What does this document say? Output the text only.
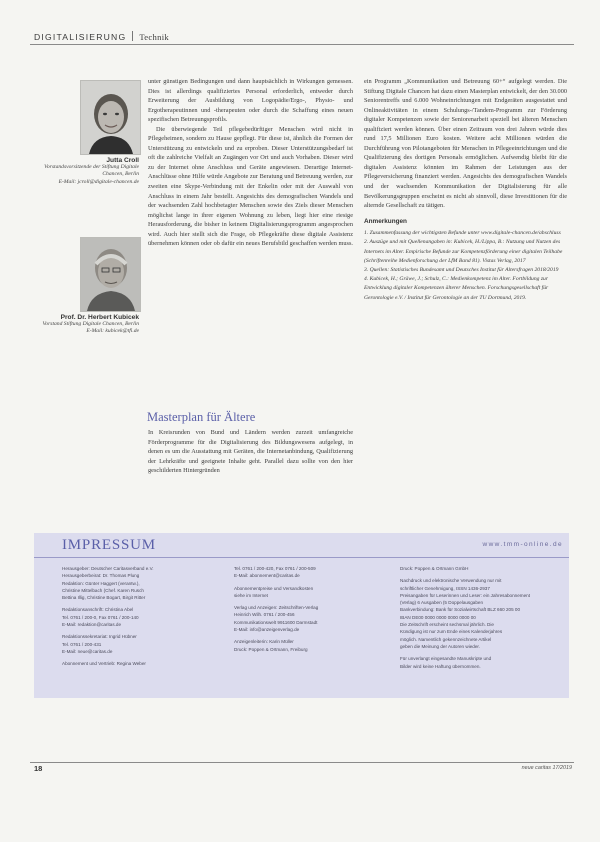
DIGITALISIERUNG Technik
Jutta Croll
Vorstandsvorsitzende der Stiftung Digitale Chancen, Berlin
E-Mail: jcroll@digitale-chancen.de
Prof. Dr. Herbert Kubicek
Vorstand Stiftung Digitale Chancen, Berlin
E-Mail: kubicek@tfi.de

unter günstigen Bedingungen und dann hauptsächlich in Wirkungen gemessen. Dies ist allerdings qualifiziertes Personal erforderlich, entweder durch Erweiterung der Ausbildung von Logopädie/Ergo-, Physio- und Ergotherapeutinnen und -therapeuten oder durch die Schaffung eines neuen spezifischen Betreuungsprofils.

Die überwiegende Teil pflegebedürftiger Menschen wird nicht in Pflegeheimen, sondern zu Hause gepflegt. Für diese ist, ähnlich die Formen der Unterstützung zu entwickeln und zu erproben. Dieser Unterstützungsbedarf ist oft die zahlreiche Vielfalt an Zugängen vor Ort und auch Vorhaben. Dieser wird zu der Internet ohne Anschluss und Geräte angewiesen. Derartige Internet-Anschlüsse ohne Hilfe würde Angebote zur Beratung und Betreuung werden, zur zweiten eine Skype-Verbindung mit der Enkelin oder mit der Auswahl von Anschluss in einem Jahr bestellt. Angesichts des demografischen Wandels und der wachsenden Zahl hochbetagter Menschen sowie des Ziels dieser Menschen möglichst lange in ihrer eigenen Wohnung zu leben, liegt hier eine riesige Herausforderung, die bisher in keinem Digitalisierungsprogramm angesprochen wird. Auch hier stellt sich die Frage, ob Pflegekräfte diese digitale Assistenz übernehmen können oder ob dafür ein neues Berufsbild geschaffen werden muss.

Masterplan für Ältere

In Kreisrunden von Bund und Ländern werden zurzeit umfangreiche Förderprogramme für die Digitalisierung des Bildungswesens aufgelegt, in denen es um die Ausstattung mit Geräten, die Internetanbindung, Qualifizierung der Lehrkräfte und geeignete Inhalte geht. Parallel dazu sollte von den hier geschilderten Hintergründen

ein Programm „Kommunikation und Betreuung 60+“ aufgelegt werden. Die Stiftung Digitale Chancen hat dazu einen Masterplan entwickelt, der den 30.000 Seniorentreffs und 6.000 Wohneinrichtungen mit Endgeräten ausgestattet und Onlineaktivitäten in einem Schulungs-/Tandem-Programm zur Förderung digitaler Kompetenzen sowie der Seniorenarbeit speziell bei älteren Menschen qualifiziert werden können. Über einen Zeitraum von drei Jahren würde dies rund 17,5 Millionen Euro kosten. Weitere acht Millionen würden die Durchführung von Pilotangeboten für Menschen in Pflegeeinrichtungen und die Qualifizierung des dortigen Personals ermöglichen. Aufwendig bleibt für die digitalen Assistenz könnten im Rahmen der Leistungen aus der Pflegeversicherung finanziert werden. Angesichts des demografischen Wandels und der wachsenden Kommunikation der Digitalisierung für alle Bevölkerungsgruppen erscheint es nicht ab sinnvoll, diese Investitionen für die alternde Gesellschaft zu tätigen.

Anmerkungen
1. Zusammenfassung der wichtigsten Befunde unter www.digitale-chancen.de/abschluss
2. Auszüge und mit Quellenangaben in: Kubicek, H./Lippa, B.: Nutzung und Nutzen des Internets im Alter. Empirische Befunde zur Kompetenzförderung einer digitalen Teilhabe (Schriftenreihe Medienforschung der LfM Band 81). Vistas Verlag, 2017
3. Quellen: Statistisches Bundesamt und Deutsches Institut für Altersfragen 2018/2019
4. Kubicek, H.; Gräwe, J.; Schulz, C.: Medienkompetenz im Alter. Fortbildung zur Entwicklung digitaler Kompetenzen älterer Menschen. Forschungsgesellschaft für Gerontologie e.V. / Institut für Gerontologie an der TU Dortmund, 2019.
IMPRESSUM	www.tmm-online.de
Herausgeber: Deutscher Caritasverband e.V.
Herausgeberbeirat: Dr. Thomas Plung
Redaktion: Günter Haggert (verantw.),
Christine Mittelbach (Chef. Karen Rusch
Bettina Illig, Christine Bogart, Birgit Ritter
Redaktionsanschrift: Christina Abel
Tel. 0761 / 200-0, Fax 0761 / 200-140
E-Mail: redaktion@caritas.de
Redaktionssekretariat: Ingrid Hübner
Tel. 0761 / 200-431
E-Mail: neue@caritas.de
Abonnement und Vertrieb: Regina Weber
Tel. 0761 / 200-420, Fax 0761 / 200-509
E-Mail: abonnement@caritas.de
Abonnementpreise und Versandkosten
siehe im Internet
Verlag und Anzeigen: Zeitschriften-Verlag
Heinrich Wilh. 0761 / 200-456
Kommunikationswelt 9911600 Darmstadt
E-Mail: info@anzeigenverlag.de
Anzeigenleiterin: Karin Müller
Druck: Poppen & Ortmann, Freiburg
Druck: Poppen & Ortmann GmbH
Nachdruck und elektronische Verwendung nur mit
schriftlicher Genehmigung, ISSN 1436-2937
Preisangaben für Leserinnen und Leser: ein Jahresabonnement
(Verlag) 6 Ausgaben (5 Doppelausgaben
Bankverbindung: Bank für Sozialwirtschaft BLZ 660 205 00
IBAN DE00 0000 0000 0000 0000 00
Die Zeitschrift erscheint sechsmal jährlich. Die
Kündigung ist nur zum Ende eines Kalenderjahres
möglich. Namentlich gekennzeichnete Artikel
geben die Meinung der Autoren wieder.
Für unverlangt eingesandte Manuskripte und
Bilder wird keine Haftung übernommen.
18	neue caritas 17/2019
